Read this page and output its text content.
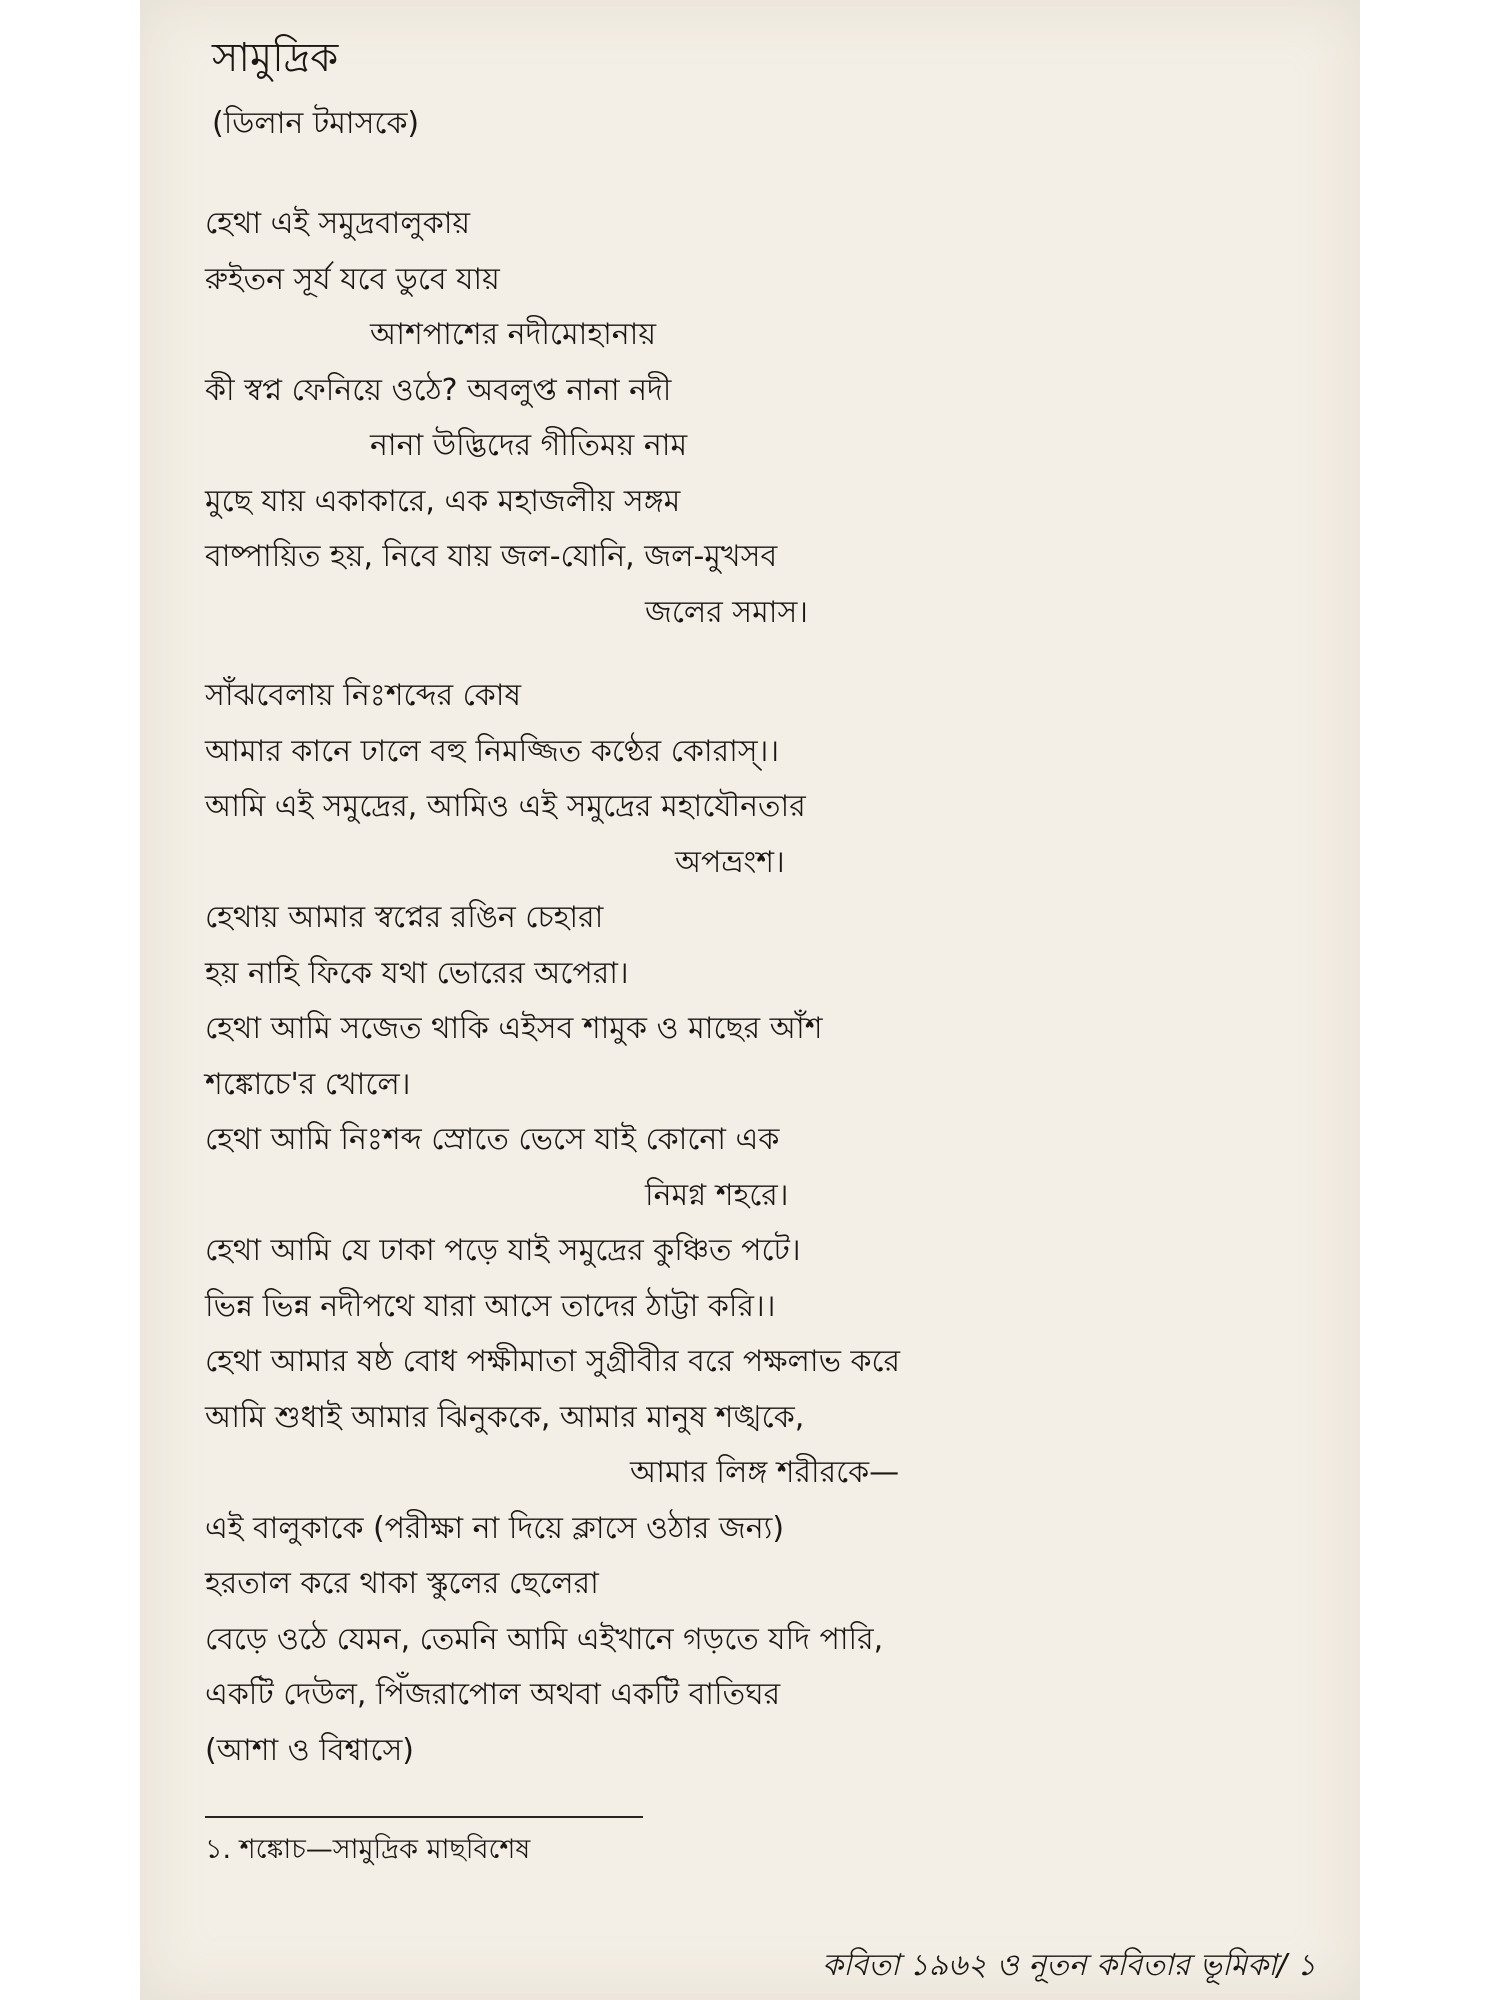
সামুদ্রিক
(ডিলান টমাসকে)
হেথা এই সমুদ্রবালুকায়
রুইতন সূর্য যবে ডুবে যায়
আশপাশের নদীমোহানায়
কী স্বপ্ন ফেনিয়ে ওঠে? অবলুপ্ত নানা নদী
নানা উদ্ভিদের গীতিময় নাম
মুছে যায় একাকারে, এক মহাজলীয় সঙ্গম
বাষ্পায়িত হয়, নিবে যায় জল-যোনি, জল-মুখসব
জলের সমাস।
সাঁঝবেলায় নিঃশব্দের কোষ
আমার কানে ঢালে বহু নিমজ্জিত কণ্ঠের কোরাস্।।
আমি এই সমুদ্রের, আমিও এই সমুদ্রের মহাযৌনতার
অপভ্রংশ।
হেথায় আমার স্বপ্নের রঙিন চেহারা
হয় নাহি ফিকে যথা ভোরের অপেরা।
হেথা আমি সজেত থাকি এইসব শামুক ও মাছের আঁশ
শঙ্কোচে'র খোলে।
হেথা আমি নিঃশব্দ স্রোতে ভেসে যাই কোনো এক
নিমগ্ন শহরে।
হেথা আমি যে ঢাকা পড়ে যাই সমুদ্রের কুঞ্চিত পটে।
ভিন্ন ভিন্ন নদীপথে যারা আসে তাদের ঠাট্টা করি।।
হেথা আমার ষষ্ঠ বোধ পক্ষীমাতা সুগ্রীবীর বরে পক্ষলাভ করে
আমি শুধাই আমার ঝিনুককে, আমার মানুষ শঙ্খকে,
আমার লিঙ্গ শরীরকে—
এই বালুকাকে (পরীক্ষা না দিয়ে ক্লাসে ওঠার জন্য)
হরতাল করে থাকা স্কুলের ছেলেরা
বেড়ে ওঠে যেমন, তেমনি আমি এইখানে গড়তে যদি পারি,
একটি দেউল, পিঁজরাপোল অথবা একটি বাতিঘর
(আশা ও বিশ্বাসে)
১. শঙ্কোচ—সামুদ্রিক মাছবিশেষ
কবিতা ১৯৬২ ও নূতন কবিতার ভূমিকা/ ১
